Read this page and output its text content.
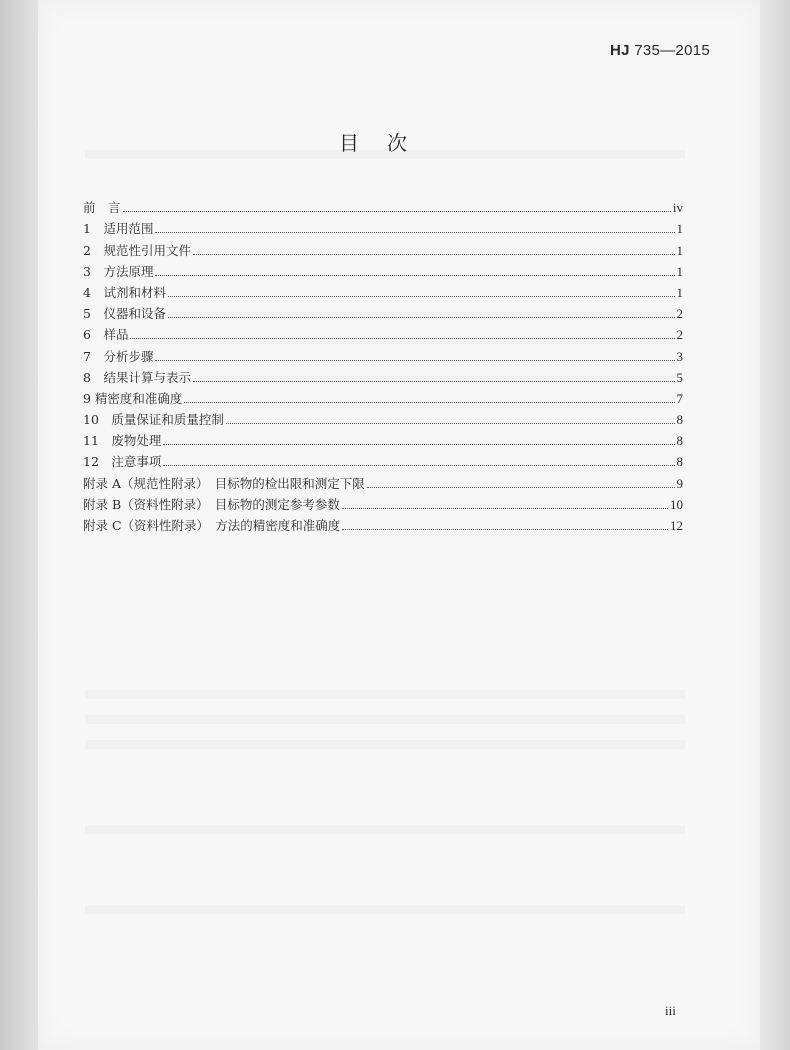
HJ 735—2015
目次
前　言	iv
1　适用范围	1
2　规范性引用文件	1
3　方法原理	1
4　试剂和材料	1
5　仪器和设备	2
6　样品	2
7　分析步骤	3
8　结果计算与表示	5
9 精密度和准确度	7
10　质量保证和质量控制	8
11　废物处理	8
12　注意事项	8
附录 A（规范性附录）　目标物的检出限和测定下限	9
附录 B（资料性附录）　目标物的测定参考参数	10
附录 C（资料性附录）　方法的精密度和准确度	12
iii
